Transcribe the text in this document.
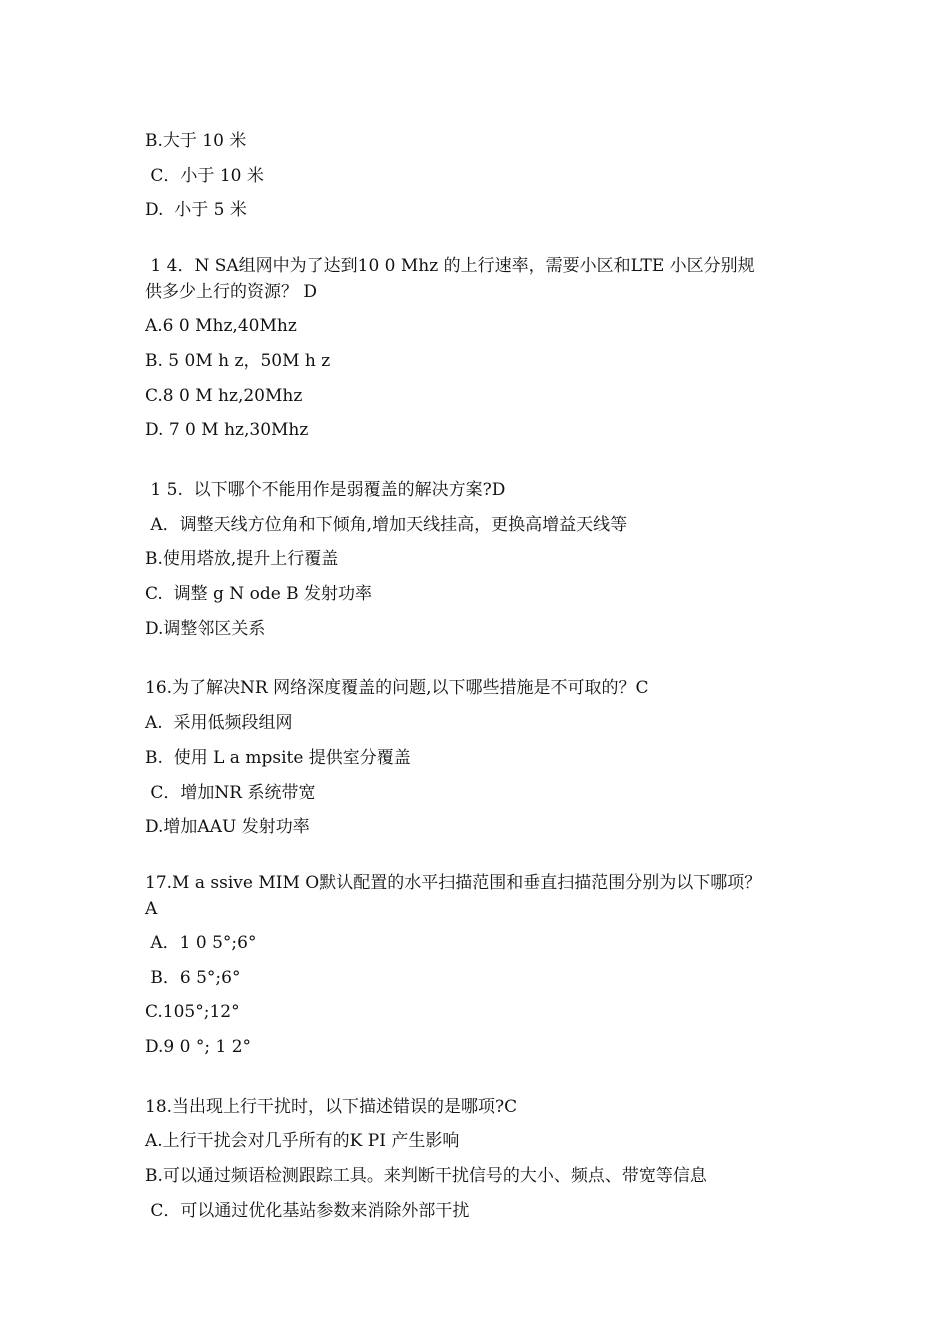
B.大于 10 米

C．小于 10 米

D.  小于 5 米

1 4．N SA组网中为了达到10 0 Mhz 的上行速率，需要小区和LTE 小区分别规

供多少上行的资源？ D

A.6 0 Mhz,40Mhz

B. 5 0M h z，50M h z

C.8 0 M hz,20Mhz

D. 7 0 M hz,30Mhz

1 5.  以下哪个不能用作是弱覆盖的解决方案?D

A．调整天线方位角和下倾角,增加天线挂高，更换高增益天线等

B.使用塔放,提升上行覆盖

C.  调整 g N ode B 发射功率

D.调整邻区关系

16.为了解决NR 网络深度覆盖的问题,以下哪些措施是不可取的？C

A.  采用低频段组网

B.  使用 L a mpsite 提供室分覆盖

C．增加NR 系统带宽

D.增加AAU 发射功率

17.M a ssive MIM O默认配置的水平扫描范围和垂直扫描范围分别为以下哪项？

A

A．1 0 5°;6°

B．6 5°;6°

C.105°;12°

D.9 0 °; 1 2°

18.当出现上行干扰时，以下描述错误的是哪项?C

A.上行干扰会对几乎所有的K PI 产生影响

B.可以通过频语检测跟踪工具。来判断干扰信号的大小、频点、带宽等信息

C．可以通过优化基站参数来消除外部干扰
